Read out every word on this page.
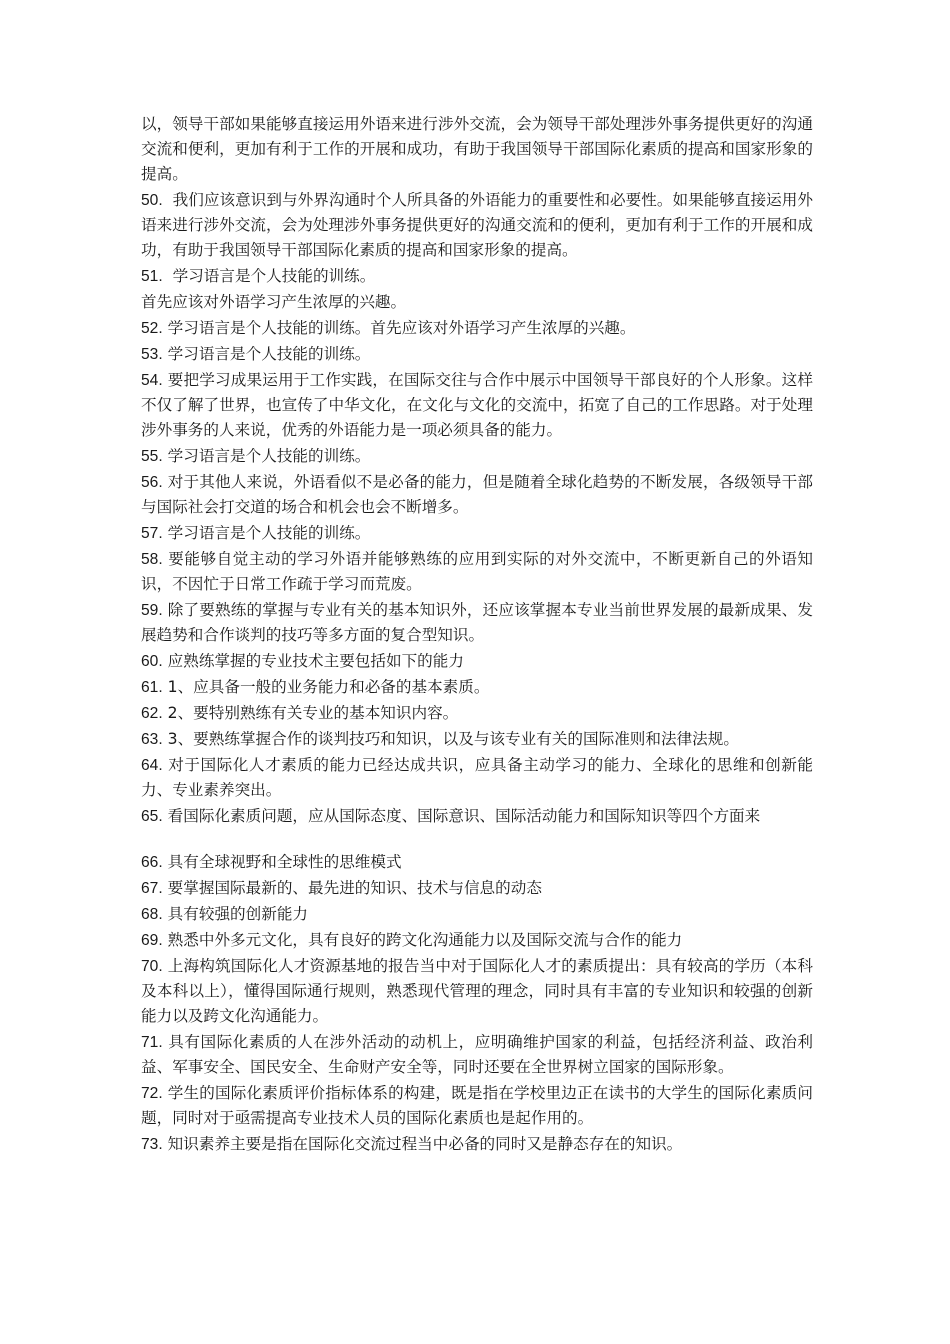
以，领导干部如果能够直接运用外语来进行涉外交流，会为领导干部处理涉外事务提供更好的沟通交流和便利，更加有利于工作的开展和成功，有助于我国领导干部国际化素质的提高和国家形象的提高。

50.  我们应该意识到与外界沟通时个人所具备的外语能力的重要性和必要性。如果能够直接运用外语来进行涉外交流，会为处理涉外事务提供更好的沟通交流和的便利，更加有利于工作的开展和成功，有助于我国领导干部国际化素质的提高和国家形象的提高。

51.  学习语言是个人技能的训练。

首先应该对外语学习产生浓厚的兴趣。

52. 学习语言是个人技能的训练。首先应该对外语学习产生浓厚的兴趣。

53. 学习语言是个人技能的训练。

54. 要把学习成果运用于工作实践，在国际交往与合作中展示中国领导干部良好的个人形象。这样不仅了解了世界，也宣传了中华文化，在文化与文化的交流中，拓宽了自己的工作思路。对于处理涉外事务的人来说，优秀的外语能力是一项必须具备的能力。

55. 学习语言是个人技能的训练。

56. 对于其他人来说，外语看似不是必备的能力，但是随着全球化趋势的不断发展，各级领导干部与国际社会打交道的场合和机会也会不断增多。

57. 学习语言是个人技能的训练。

58. 要能够自觉主动的学习外语并能够熟练的应用到实际的对外交流中，不断更新自己的外语知识，不因忙于日常工作疏于学习而荒废。

59. 除了要熟练的掌握与专业有关的基本知识外，还应该掌握本专业当前世界发展的最新成果、发展趋势和合作谈判的技巧等多方面的复合型知识。

60. 应熟练掌握的专业技术主要包括如下的能力

61. 1、应具备一般的业务能力和必备的基本素质。

62. 2、要特别熟练有关专业的基本知识内容。

63. 3、要熟练掌握合作的谈判技巧和知识，以及与该专业有关的国际准则和法律法规。

64. 对于国际化人才素质的能力已经达成共识，应具备主动学习的能力、全球化的思维和创新能力、专业素养突出。

65. 看国际化素质问题，应从国际态度、国际意识、国际活动能力和国际知识等四个方面来

66. 具有全球视野和全球性的思维模式

67. 要掌握国际最新的、最先进的知识、技术与信息的动态

68. 具有较强的创新能力

69. 熟悉中外多元文化，具有良好的跨文化沟通能力以及国际交流与合作的能力

70. 上海构筑国际化人才资源基地的报告当中对于国际化人才的素质提出：具有较高的学历（本科及本科以上），懂得国际通行规则，熟悉现代管理的理念，同时具有丰富的专业知识和较强的创新能力以及跨文化沟通能力。

71. 具有国际化素质的人在涉外活动的动机上，应明确维护国家的利益，包括经济利益、政治利益、军事安全、国民安全、生命财产安全等，同时还要在全世界树立国家的国际形象。

72. 学生的国际化素质评价指标体系的构建，既是指在学校里边正在读书的大学生的国际化素质问题，同时对于亟需提高专业技术人员的国际化素质也是起作用的。

73. 知识素养主要是指在国际化交流过程当中必备的同时又是静态存在的知识。
